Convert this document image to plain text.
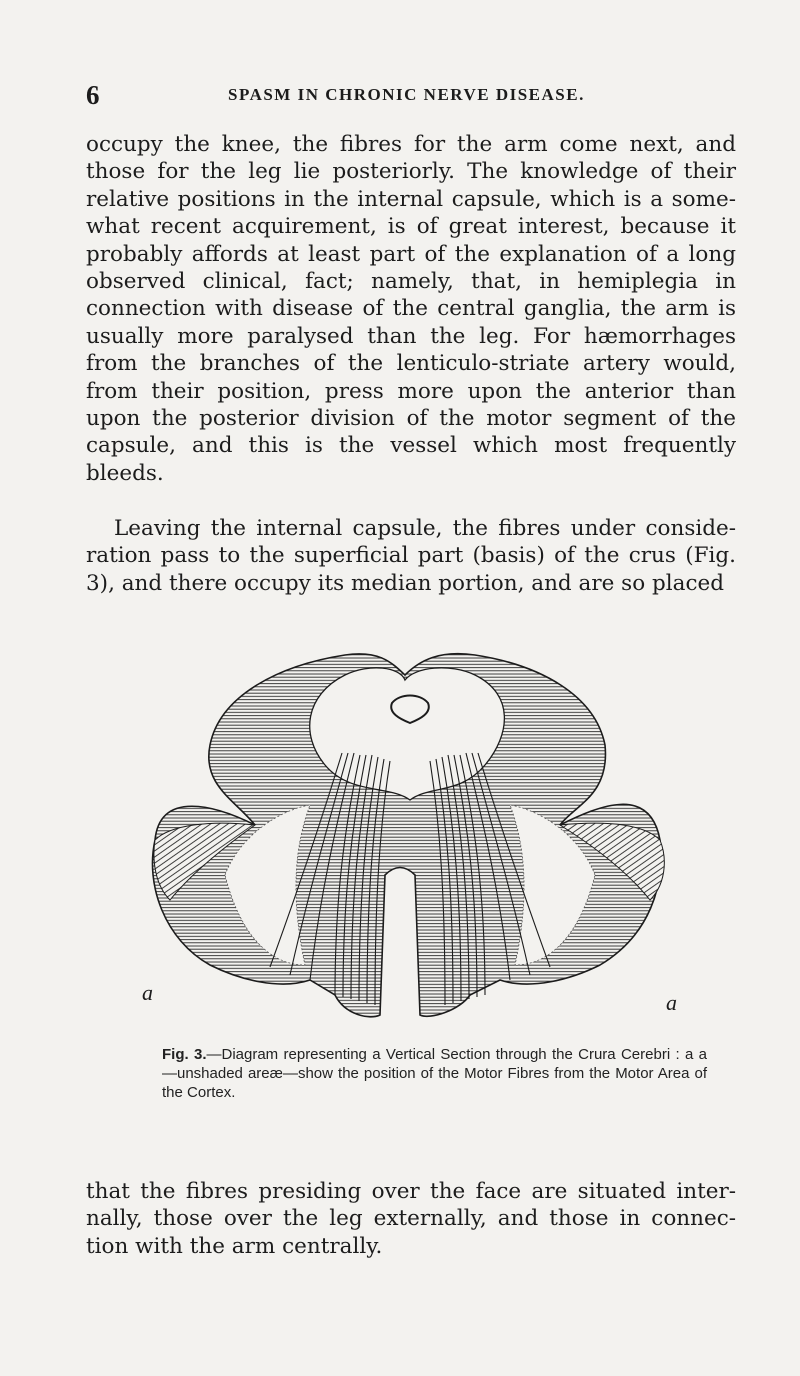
6	SPASM IN CHRONIC NERVE DISEASE.

occupy the knee, the fibres for the arm come next, and those for the leg lie posteriorly. The knowledge of their relative positions in the internal capsule, which is a some-what recent acquirement, is of great interest, because it probably affords at least part of the explanation of a long observed clinical, fact; namely, that, in hemiplegia in connection with disease of the central ganglia, the arm is usually more paralysed than the leg. For hæmorrhages from the branches of the lenticulo-striate artery would, from their position, press more upon the anterior than upon the posterior division of the motor segment of the capsule, and this is the vessel which most frequently bleeds.

Leaving the internal capsule, the fibres under conside-ration pass to the superficial part (basis) of the crus (Fig. 3), and there occupy its median portion, and are so placed

a	a

Fig. 3.—Diagram representing a Vertical Section through the Crura Cerebri : a a—unshaded areæ—show the position of the Motor Fibres from the Motor Area of the Cortex.

that the fibres presiding over the face are situated inter-nally, those over the leg externally, and those in connec-tion with the arm centrally.
